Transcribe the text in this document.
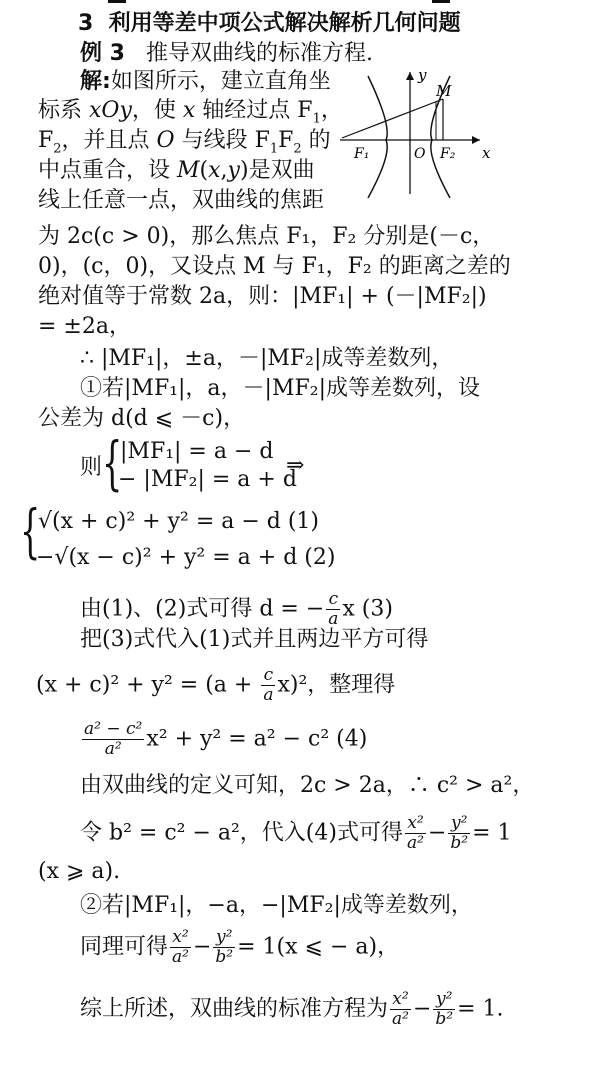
3 利用等差中项公式解决解析几何问题
例 3 推导双曲线的标准方程.
解:如图所示，建立直角坐
标系 xOy，使 x 轴经过点 $F_1$，
$F_2$，并且点 O 与线段 $F_1F_2$ 的
中点重合，设 M(x,y)是双曲
线上任意一点，双曲线的焦距
y
x
M
F₁	O F₂
为 2c(c > 0)，那么焦点 F₁，F₂ 分别是(－c，
0)，(c，0)，又设点 M 与 F₁，F₂ 的距离之差的
绝对值等于常数 2a，则：|MF₁| + (－|MF₂|)
= ±2a，
∴ |MF₁|，±a，－|MF₂|成等差数列，
①若|MF₁|，a，－|MF₂|成等差数列，设
公差为 d(d ⩽ －c)，
则 {
|MF₁| = a − d
− |MF₂| = a + d
⇒
{
√(x + c)² + y² = a − d (1)
−√(x − c)² + y² = a + d (2)
由(1)、(2)式可得 d = − $\frac{c}{a}$ x (3)
把(3)式代入(1)式并且两边平方可得
$(x + c)^2 + y^2 = (a + \frac{c}{a} x)^2$，整理得
$\frac{\text{a² − c²}}{\text{a²}} x^2 + y^2 = a^2 - c^2$ (4)
由双曲线的定义可知，2c > 2a，∴ c² > a²，
令 b² = c² − a²，代入(4)式可得 $\frac{\text{x²}}{\text{a²}} - \frac{\text{y²}}{\text{b²}} = 1$
(x ⩾ a).
②若|MF₁|，−a，−|MF₂|成等差数列，
同理可得 $\frac{\text{x²}}{\text{a²}} - \frac{\text{y²}}{\text{b²}} = 1(x$ ⩽ − a)，
综上所述，双曲线的标准方程为 $\frac{\text{x²}}{\text{a²}} - \frac{\text{y²}}{\text{b²}} = 1$.
